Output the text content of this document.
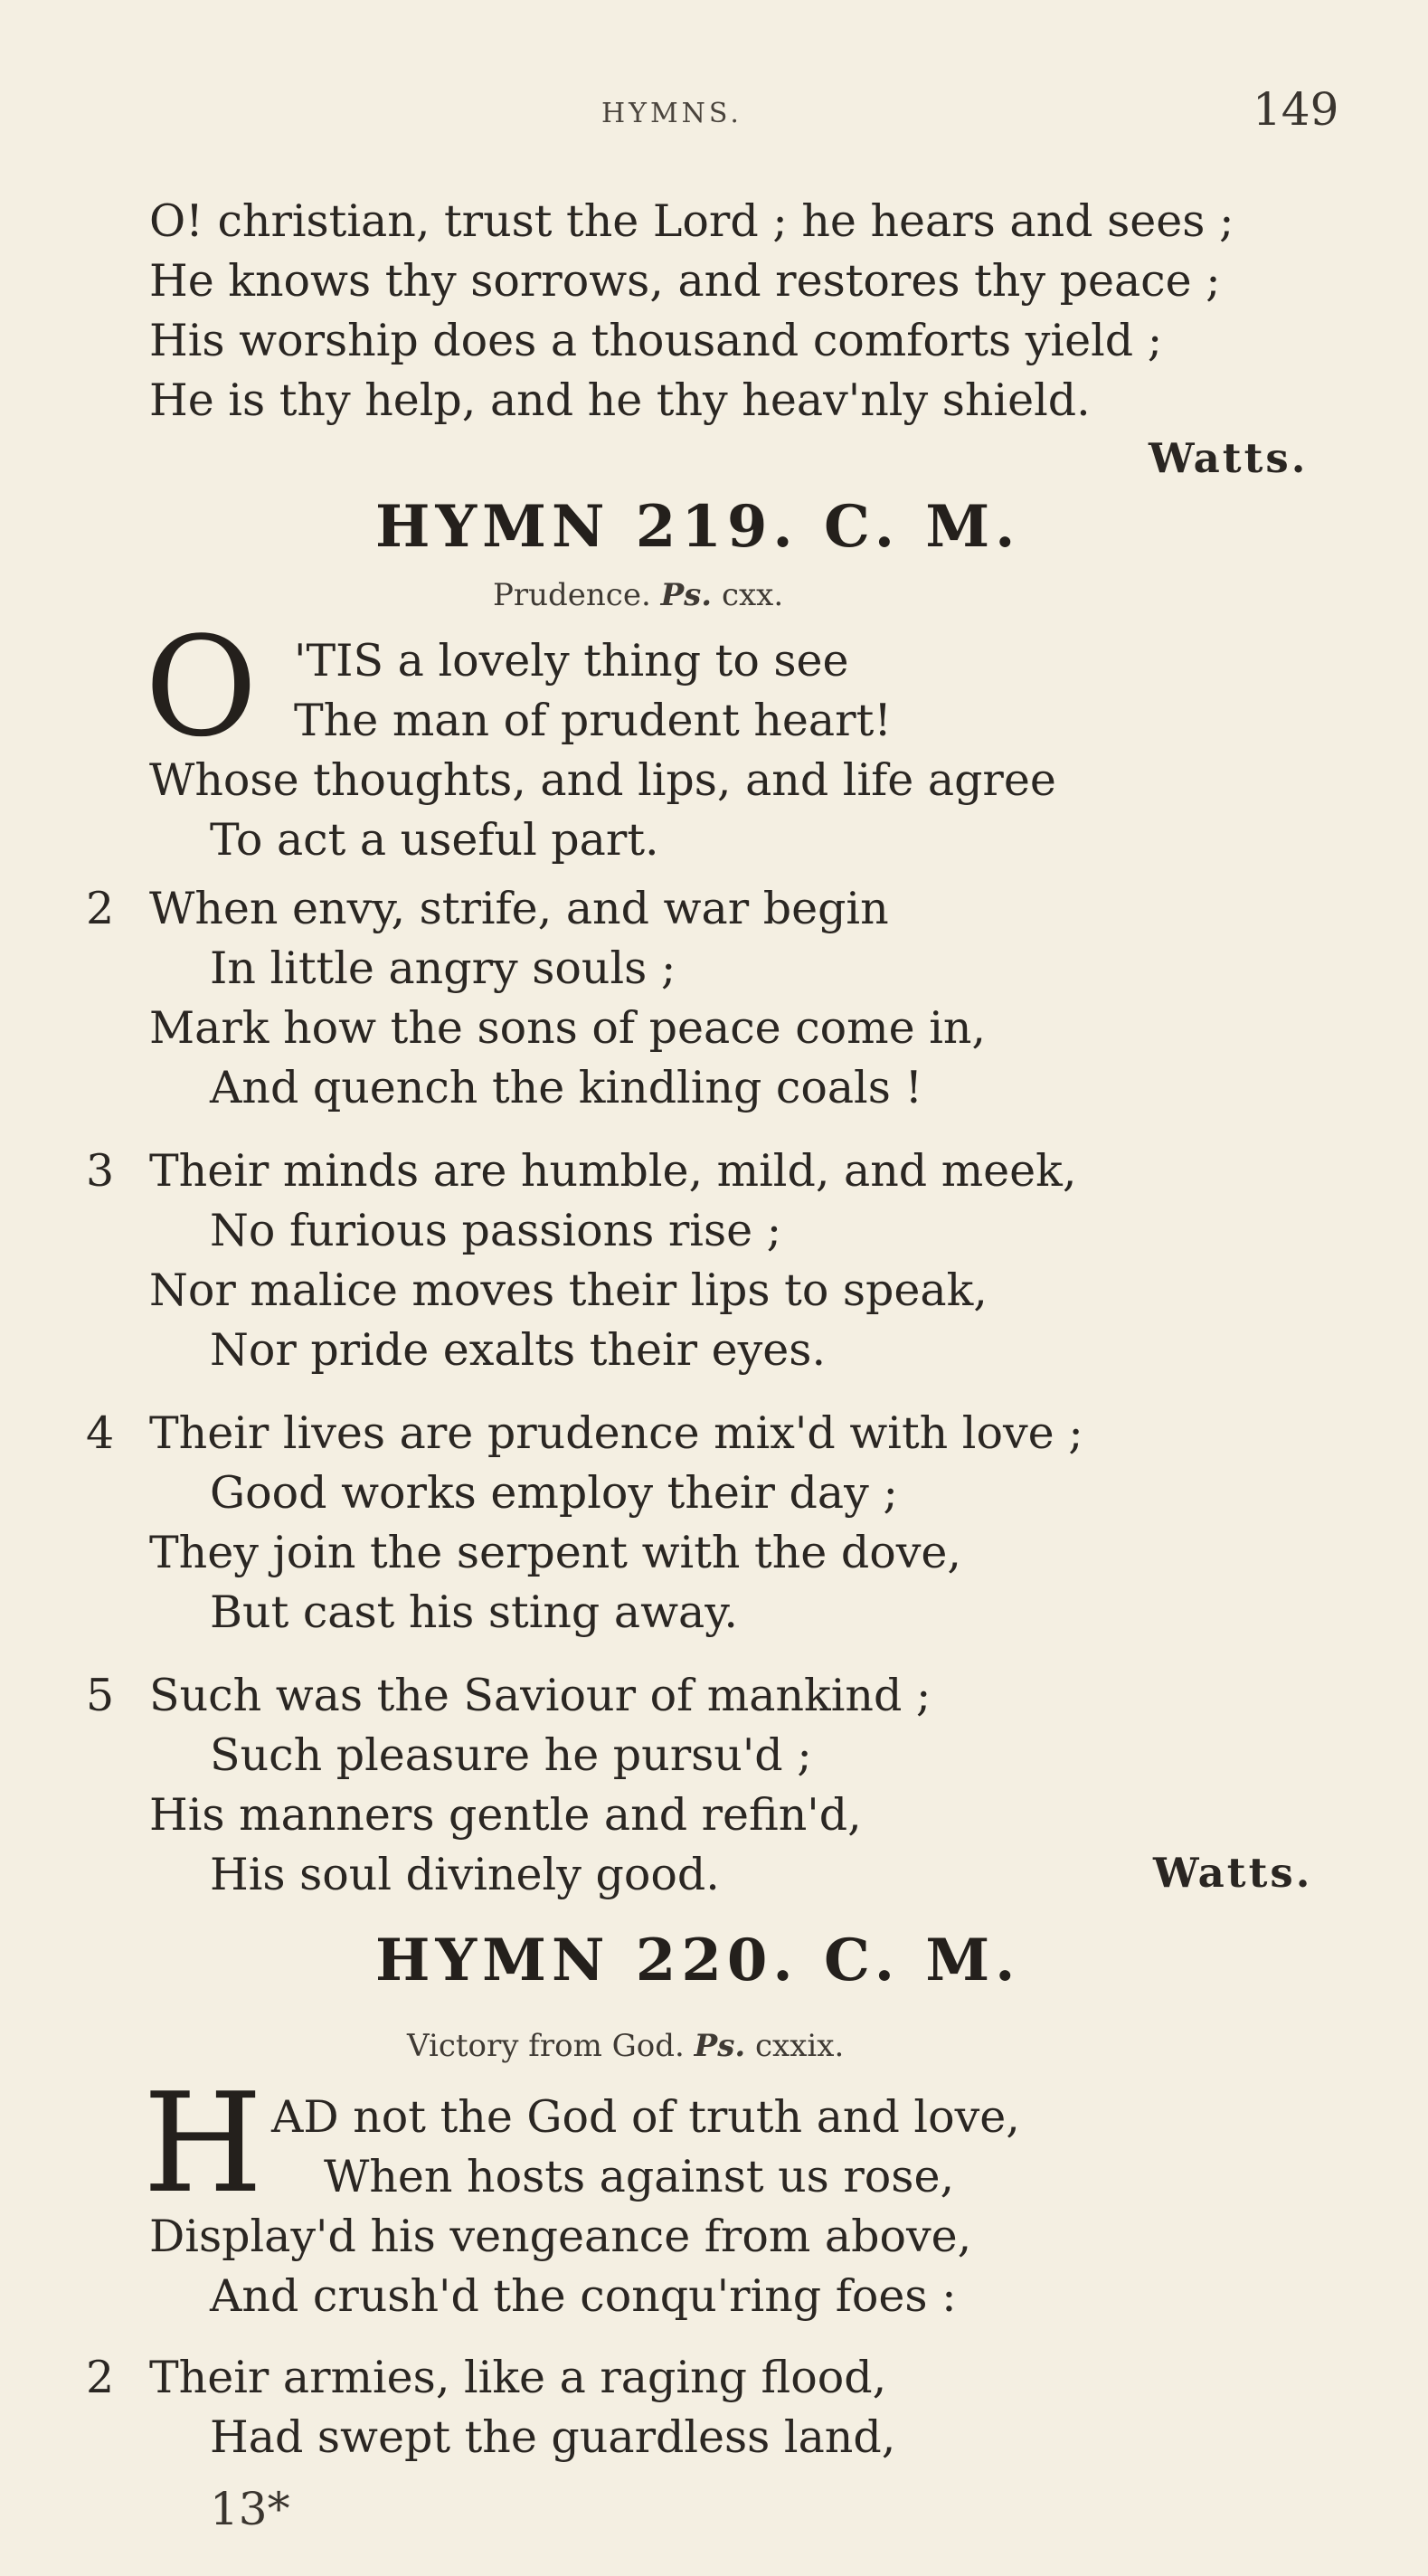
HYMNS.	149
O! christian, trust the Lord ; he hears and sees ;
He knows thy sorrows, and restores thy peace ;
His worship does a thousand comforts yield ;
He is thy help, and he thy heav'nly shield.
Watts.
HYMN 219. C. M.
Prudence. Ps. cxx.
O 'TIS a lovely thing to see
The man of prudent heart!
Whose thoughts, and lips, and life agree
To act a useful part.
2 When envy, strife, and war begin
In little angry souls ;
Mark how the sons of peace come in,
And quench the kindling coals !
3 Their minds are humble, mild, and meek,
No furious passions rise ;
Nor malice moves their lips to speak,
Nor pride exalts their eyes.
4 Their lives are prudence mix'd with love ;
Good works employ their day ;
They join the serpent with the dove,
But cast his sting away.
5 Such was the Saviour of mankind ;
Such pleasure he pursu'd ;
His manners gentle and refin'd,
His soul divinely good.	Watts.
HYMN 220. C. M.
Victory from God. Ps. cxxix.
H AD not the God of truth and love,
When hosts against us rose,
Display'd his vengeance from above,
And crush'd the conqu'ring foes :
2 Their armies, like a raging flood,
Had swept the guardless land,
13*
